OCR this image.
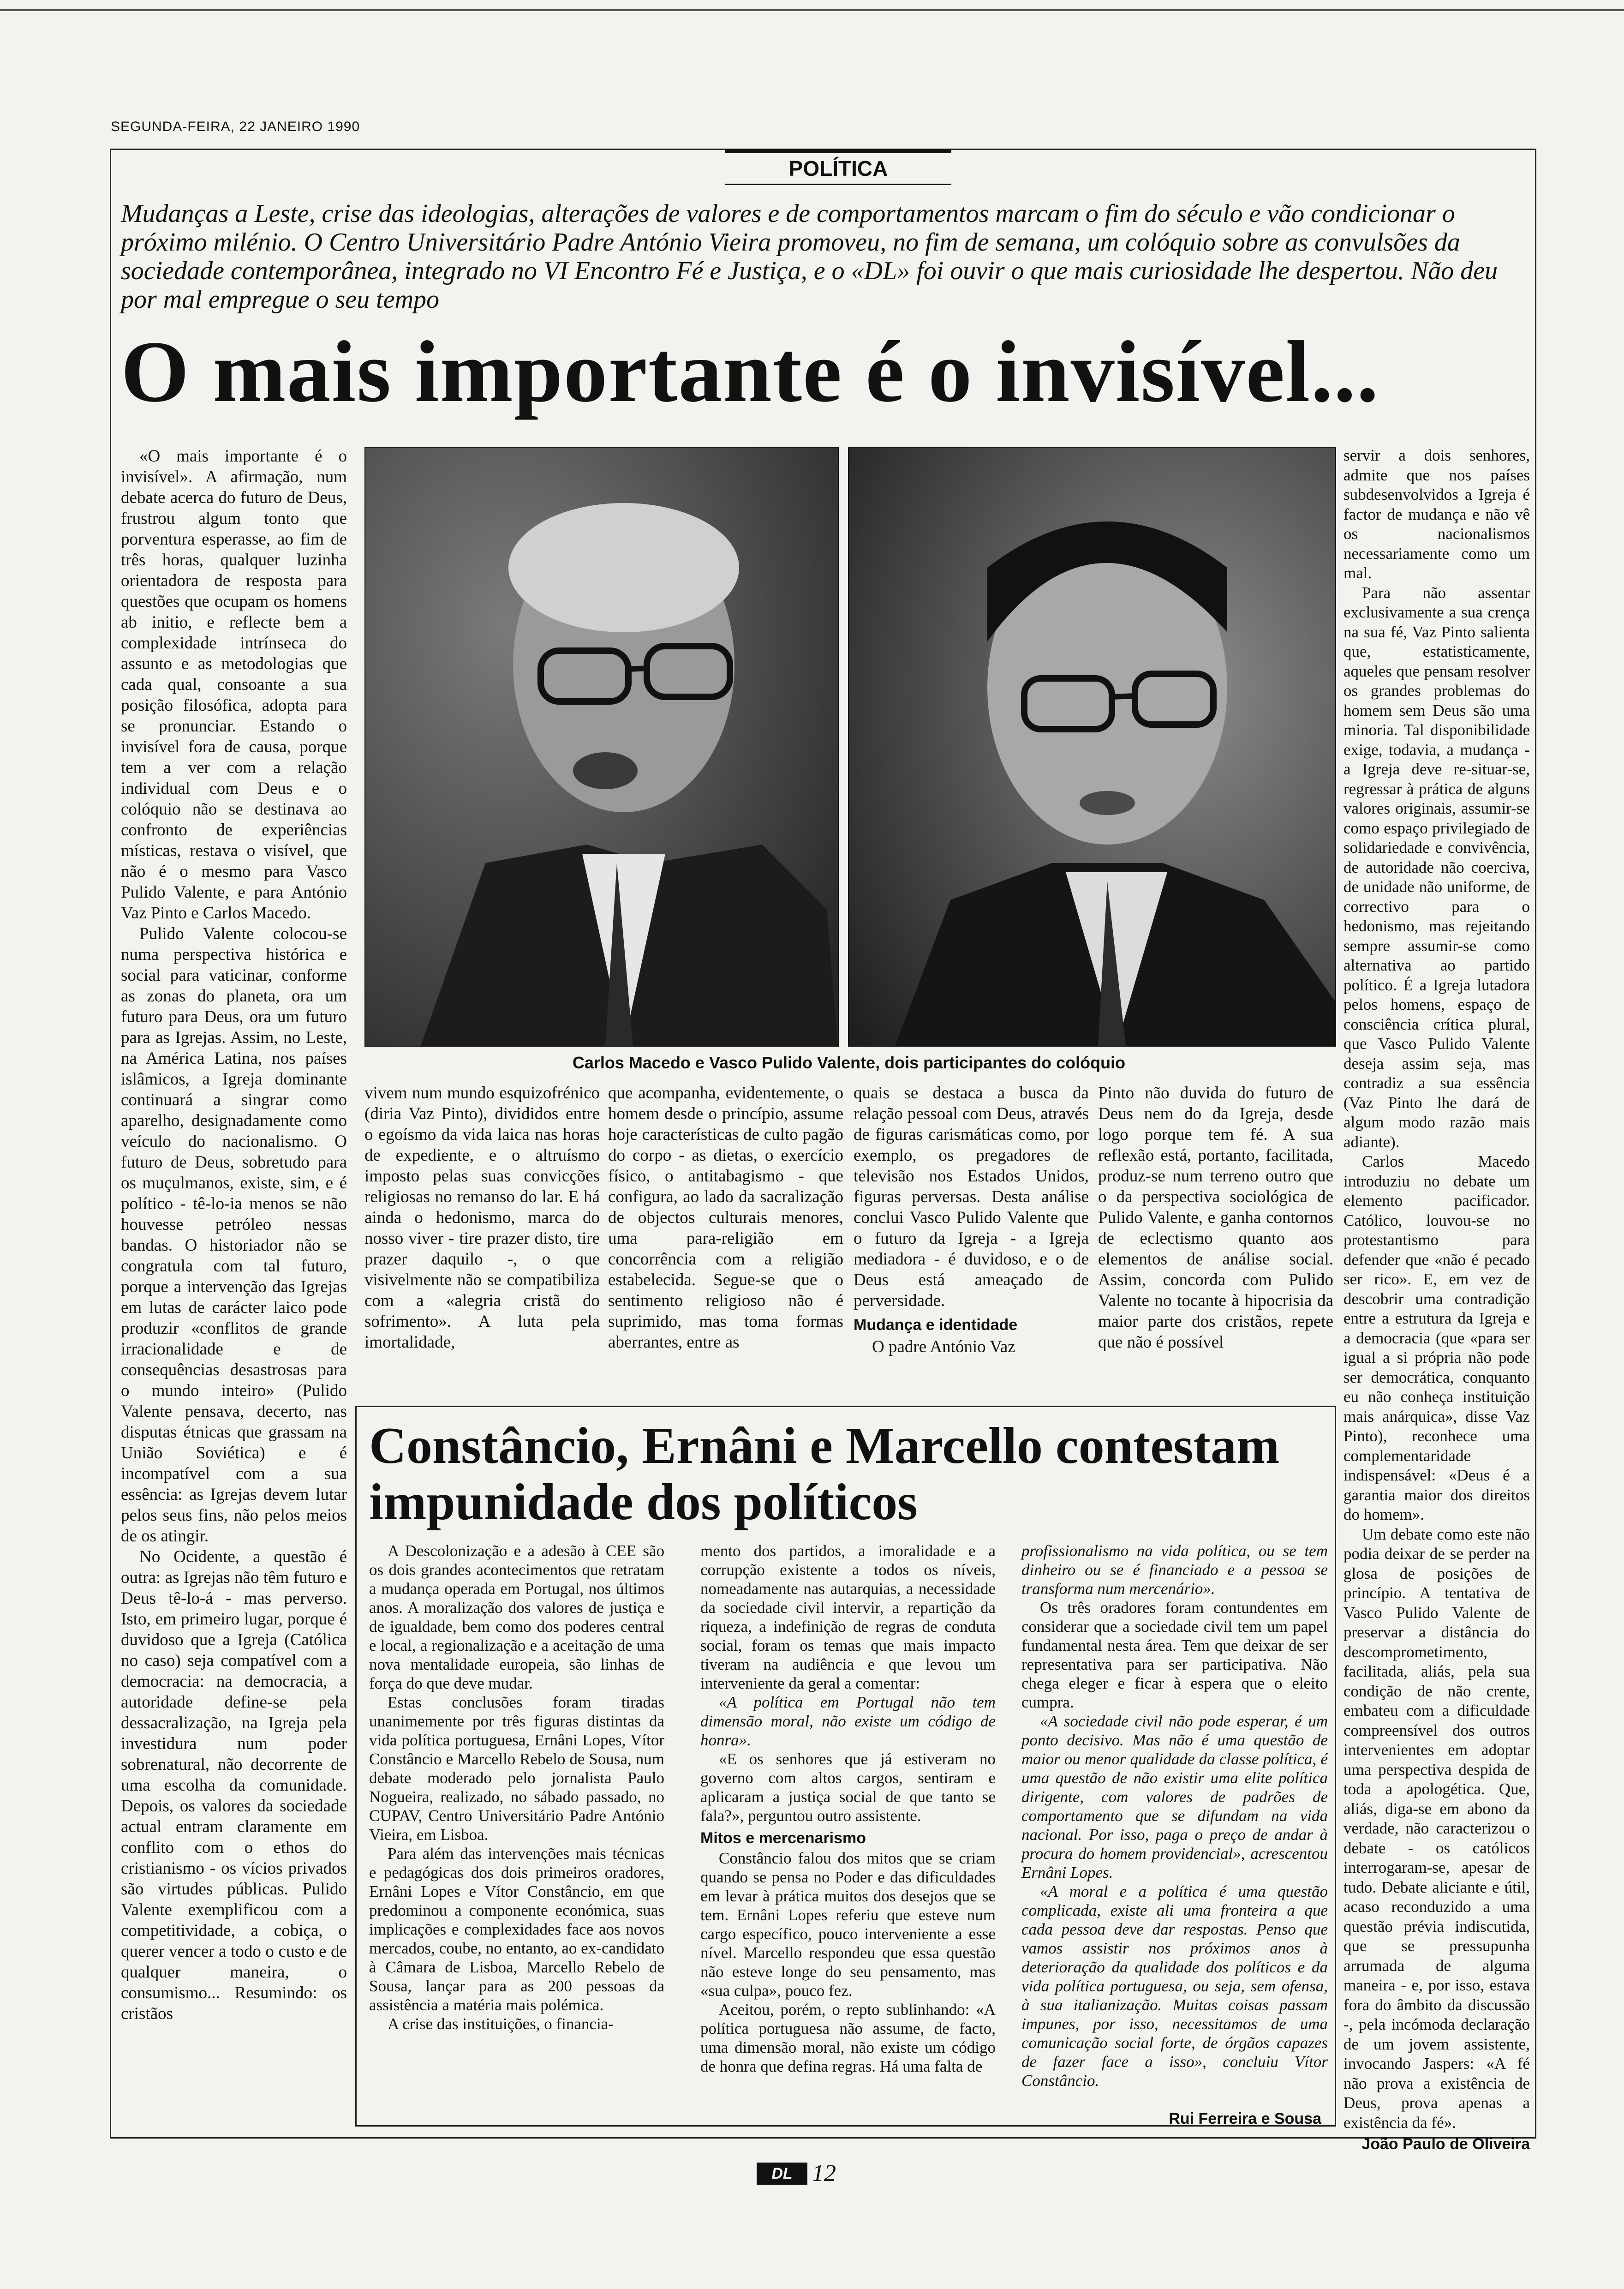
SEGUNDA-FEIRA, 22 JANEIRO 1990
POLÍTICA
Mudanças a Leste, crise das ideologias, alterações de valores e de comportamentos marcam o fim do século e vão condicionar o próximo milénio. O Centro Universitário Padre António Vieira promoveu, no fim de semana, um colóquio sobre as convulsões da sociedade contemporânea, integrado no VI Encontro Fé e Justiça, e o «DL» foi ouvir o que mais curiosidade lhe despertou. Não deu por mal empregue o seu tempo
O mais importante é o invisível...
Carlos Macedo e Vasco Pulido Valente, dois participantes do colóquio

«O mais importante é o invisível». A afirmação, num debate acerca do futuro de Deus, frustrou algum tonto que porventura esperasse, ao fim de três horas, qualquer luzinha orientadora de resposta para questões que ocupam os homens ab initio, e reflecte bem a complexidade intrínseca do assunto e as metodologias que cada qual, consoante a sua posição filosófica, adopta para se pronunciar. Estando o invisível fora de causa, porque tem a ver com a relação individual com Deus e o colóquio não se destinava ao confronto de experiências místicas, restava o visível, que não é o mesmo para Vasco Pulido Valente, e para António Vaz Pinto e Carlos Macedo.

Pulido Valente colocou-se numa perspectiva histórica e social para vaticinar, conforme as zonas do planeta, ora um futuro para Deus, ora um futuro para as Igrejas. Assim, no Leste, na América Latina, nos países islâmicos, a Igreja dominante continuará a singrar como aparelho, designadamente como veículo do nacionalismo. O futuro de Deus, sobretudo para os muçulmanos, existe, sim, e é político - tê-lo-ia menos se não houvesse petróleo nessas bandas. O historiador não se congratula com tal futuro, porque a intervenção das Igrejas em lutas de carácter laico pode produzir «conflitos de grande irracionalidade e de consequências desastrosas para o mundo inteiro» (Pulido Valente pensava, decerto, nas disputas étnicas que grassam na União Soviética) e é incompatível com a sua essência: as Igrejas devem lutar pelos seus fins, não pelos meios de os atingir.

No Ocidente, a questão é outra: as Igrejas não têm futuro e Deus tê-lo-á - mas perverso. Isto, em primeiro lugar, porque é duvidoso que a Igreja (Católica no caso) seja compatível com a democracia: na democracia, a autoridade define-se pela dessacralização, na Igreja pela investidura num poder sobrenatural, não decorrente de uma escolha da comunidade. Depois, os valores da sociedade actual entram claramente em conflito com o ethos do cristianismo - os vícios privados são virtudes públicas. Pulido Valente exemplificou com a competitividade, a cobiça, o querer vencer a todo o custo e de qualquer maneira, o consumismo... Resumindo: os cristãos

vivem num mundo esquizofrénico (diria Vaz Pinto), divididos entre o egoísmo da vida laica nas horas de expediente, e o altruísmo imposto pelas suas convicções religiosas no remanso do lar. E há ainda o hedonismo, marca do nosso viver - tire prazer disto, tire prazer daquilo -, o que visivelmente não se compatibiliza com a «alegria cristã do sofrimento». A luta pela imortalidade,

que acompanha, evidentemente, o homem desde o princípio, assume hoje características de culto pagão do corpo - as dietas, o exercício físico, o antitabagismo - que configura, ao lado da sacralização de objectos culturais menores, uma para-religião em concorrência com a religião estabelecida. Segue-se que o sentimento religioso não é suprimido, mas toma formas aberrantes, entre as

quais se destaca a busca da relação pessoal com Deus, através de figuras carismáticas como, por exemplo, os pregadores de televisão nos Estados Unidos, figuras perversas. Desta análise conclui Vasco Pulido Valente que o futuro da Igreja - a Igreja mediadora - é duvidoso, e o de Deus está ameaçado de perversidade.

Mudança e identidade

O padre António Vaz

Pinto não duvida do futuro de Deus nem do da Igreja, desde logo porque tem fé. A sua reflexão está, portanto, facilitada, produz-se num terreno outro que o da perspectiva sociológica de Pulido Valente, e ganha contornos de eclectismo quanto aos elementos de análise social. Assim, concorda com Pulido Valente no tocante à hipocrisia da maior parte dos cristãos, repete que não é possível

servir a dois senhores, admite que nos países subdesenvolvidos a Igreja é factor de mudança e não vê os nacionalismos necessariamente como um mal.

Para não assentar exclusivamente a sua crença na sua fé, Vaz Pinto salienta que, estatisticamente, aqueles que pensam resolver os grandes problemas do homem sem Deus são uma minoria. Tal disponibilidade exige, todavia, a mudança - a Igreja deve re-situar-se, regressar à prática de alguns valores originais, assumir-se como espaço privilegiado de solidariedade e convivência, de autoridade não coerciva, de unidade não uniforme, de correctivo para o hedonismo, mas rejeitando sempre assumir-se como alternativa ao partido político. É a Igreja lutadora pelos homens, espaço de consciência crítica plural, que Vasco Pulido Valente deseja assim seja, mas contradiz a sua essência (Vaz Pinto lhe dará de algum modo razão mais adiante).

Carlos Macedo introduziu no debate um elemento pacificador. Católico, louvou-se no protestantismo para defender que «não é pecado ser rico». E, em vez de descobrir uma contradição entre a estrutura da Igreja e a democracia (que «para ser igual a si própria não pode ser democrática, conquanto eu não conheça instituição mais anárquica», disse Vaz Pinto), reconhece uma complementaridade indispensável: «Deus é a garantia maior dos direitos do homem».

Um debate como este não podia deixar de se perder na glosa de posições de princípio. A tentativa de Vasco Pulido Valente de preservar a distância do descomprometimento, facilitada, aliás, pela sua condição de não crente, embateu com a dificuldade compreensível dos outros intervenientes em adoptar uma perspectiva despida de toda a apologética. Que, aliás, diga-se em abono da verdade, não caracterizou o debate - os católicos interrogaram-se, apesar de tudo. Debate aliciante e útil, acaso reconduzido a uma questão prévia indiscutida, que se pressupunha arrumada de alguma maneira - e, por isso, estava fora do âmbito da discussão -, pela incómoda declaração de um jovem assistente, invocando Jaspers: «A fé não prova a existência de Deus, prova apenas a existência da fé».

João Paulo de Oliveira
Constâncio, Ernâni e Marcello contestam impunidade dos políticos

A Descolonização e a adesão à CEE são os dois grandes acontecimentos que retratam a mudança operada em Portugal, nos últimos anos. A moralização dos valores de justiça e de igualdade, bem como dos poderes central e local, a regionalização e a aceitação de uma nova mentalidade europeia, são linhas de força do que deve mudar.

Estas conclusões foram tiradas unanimemente por três figuras distintas da vida política portuguesa, Ernâni Lopes, Vítor Constâncio e Marcello Rebelo de Sousa, num debate moderado pelo jornalista Paulo Nogueira, realizado, no sábado passado, no CUPAV, Centro Universitário Padre António Vieira, em Lisboa.

Para além das intervenções mais técnicas e pedagógicas dos dois primeiros oradores, Ernâni Lopes e Vítor Constâncio, em que predominou a componente económica, suas implicações e complexidades face aos novos mercados, coube, no entanto, ao ex-candidato à Câmara de Lisboa, Marcello Rebelo de Sousa, lançar para as 200 pessoas da assistência a matéria mais polémica.

A crise das instituições, o financia-

mento dos partidos, a imoralidade e a corrupção existente a todos os níveis, nomeadamente nas autarquias, a necessidade da sociedade civil intervir, a repartição da riqueza, a indefinição de regras de conduta social, foram os temas que mais impacto tiveram na audiência e que levou um interveniente da geral a comentar:

«A política em Portugal não tem dimensão moral, não existe um código de honra».

«E os senhores que já estiveram no governo com altos cargos, sentiram e aplicaram a justiça social de que tanto se fala?», perguntou outro assistente.

Mitos e mercenarismo

Constâncio falou dos mitos que se criam quando se pensa no Poder e das dificuldades em levar à prática muitos dos desejos que se tem. Ernâni Lopes referiu que esteve num cargo específico, pouco interveniente a esse nível. Marcello respondeu que essa questão não esteve longe do seu pensamento, mas «sua culpa», pouco fez.

Aceitou, porém, o repto sublinhando: «A política portuguesa não assume, de facto, uma dimensão moral, não existe um código de honra que defina regras. Há uma falta de

profissionalismo na vida política, ou se tem dinheiro ou se é financiado e a pessoa se transforma num mercenário».

Os três oradores foram contundentes em considerar que a sociedade civil tem um papel fundamental nesta área. Tem que deixar de ser representativa para ser participativa. Não chega eleger e ficar à espera que o eleito cumpra.

«A sociedade civil não pode esperar, é um ponto decisivo. Mas não é uma questão de maior ou menor qualidade da classe política, é uma questão de não existir uma elite política dirigente, com valores de padrões de comportamento que se difundam na vida nacional. Por isso, paga o preço de andar à procura do homem providencial», acrescentou Ernâni Lopes.

«A moral e a política é uma questão complicada, existe ali uma fronteira a que cada pessoa deve dar respostas. Penso que vamos assistir nos próximos anos à deterioração da qualidade dos políticos e da vida política portuguesa, ou seja, sem ofensa, à sua italianização. Muitas coisas passam impunes, por isso, necessitamos de uma comunicação social forte, de órgãos capazes de fazer face a isso», concluiu Vítor Constâncio.

Rui Ferreira e Sousa
DL 12
